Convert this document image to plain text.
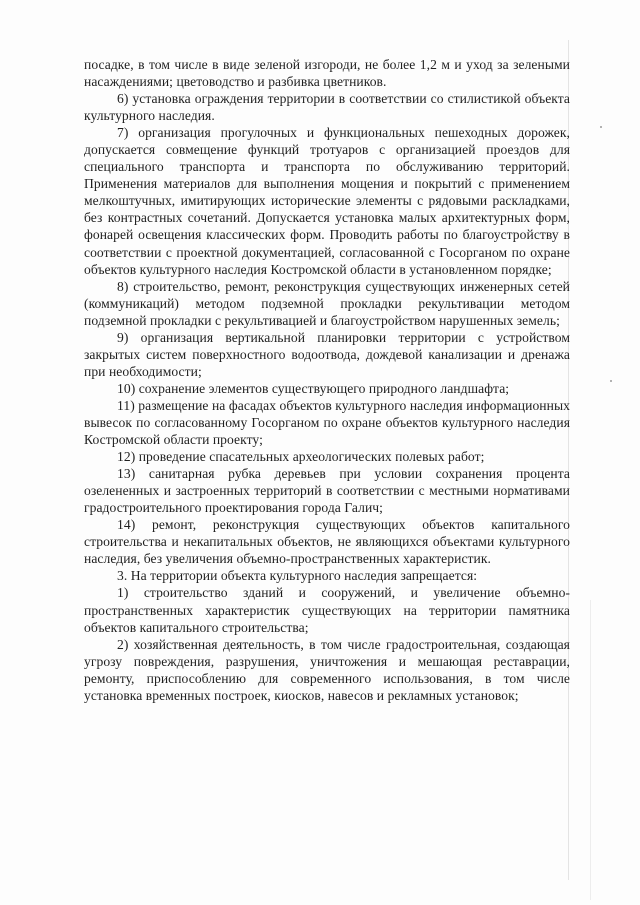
посадке, в том числе в виде зеленой изгороди, не более 1,2 м и уход за зелеными насаждениями; цветоводство и разбивка цветников.

6) установка ограждения территории в соответствии со стилистикой объекта культурного наследия.

7) организация прогулочных и функциональных пешеходных дорожек, допускается совмещение функций тротуаров с организацией проездов для специального транспорта и транспорта по обслуживанию территорий. Применения материалов для выполнения мощения и покрытий с применением мелкоштучных, имитирующих исторические элементы с рядовыми раскладками, без контрастных сочетаний. Допускается установка малых архитектурных форм, фонарей освещения классических форм. Проводить работы по благоустройству в соответствии с проектной документацией, согласованной с Госорганом по охране объектов культурного наследия Костромской области в установленном порядке;

8) строительство, ремонт, реконструкция существующих инженерных сетей (коммуникаций) методом подземной прокладки рекультивации методом подземной прокладки с рекультивацией и благоустройством нарушенных земель;

9) организация вертикальной планировки территории с устройством закрытых систем поверхностного водоотвода, дождевой канализации и дренажа при необходимости;

10) сохранение элементов существующего природного ландшафта;

11) размещение на фасадах объектов культурного наследия информационных вывесок по согласованному Госорганом по охране объектов культурного наследия Костромской области проекту;

12) проведение спасательных археологических полевых работ;

13) санитарная рубка деревьев при условии сохранения процента озелененных и застроенных территорий в соответствии с местными нормативами градостроительного проектирования города Галич;

14) ремонт, реконструкция существующих объектов капитального строительства и некапитальных объектов, не являющихся объектами культурного наследия, без увеличения объемно-пространственных характеристик.

3. На территории объекта культурного наследия запрещается:

1) строительство зданий и сооружений, и увеличение объемно-пространственных характеристик существующих на территории памятника объектов капитального строительства;

2) хозяйственная деятельность, в том числе градостроительная, создающая угрозу повреждения, разрушения, уничтожения и мешающая реставрации, ремонту, приспособлению для современного использования, в том числе установка временных построек, киосков, навесов и рекламных установок;
